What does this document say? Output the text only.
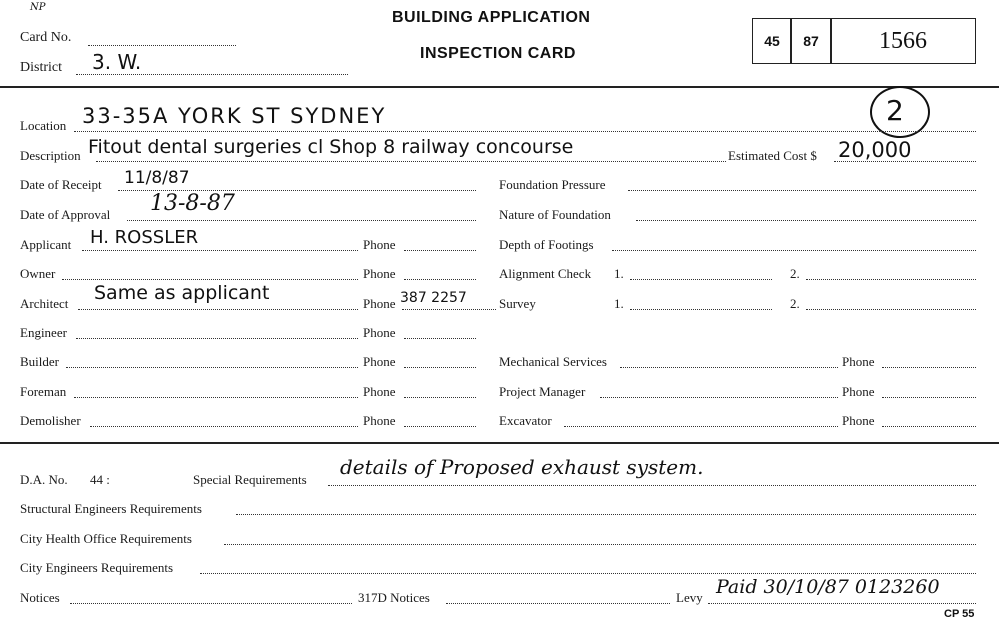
NP
Card No.
District 3. W.
BUILDING APPLICATION
INSPECTION CARD
45 87	1566
2
Location 33-35A YORK ST SYDNEY
Description Fitout dental surgeries cl Shop 8 railway concourse	Estimated Cost $ 20,000
Date of Receipt 11/8/87	Foundation Pressure
Date of Approval 13-8-87	Nature of Foundation
Applicant H. ROSSLER	Phone	Depth of Footings
Owner	Phone	Alignment Check 1.	2.
Architect Same as applicant	Phone 387 2257 Survey	1.	2.
Engineer	Phone
Builder	Phone	Mechanical Services	Phone
Foreman	Phone	Project Manager	Phone
Demolisher	Phone	Excavator	Phone
D.A. No. 44 :	Special Requirements
details of Proposed exhaust system.
Structural Engineers Requirements
City Health Office Requirements
City Engineers Requirements
Notices	317D Notices	Levy Paid 30/10/87 0123260
CP 55
